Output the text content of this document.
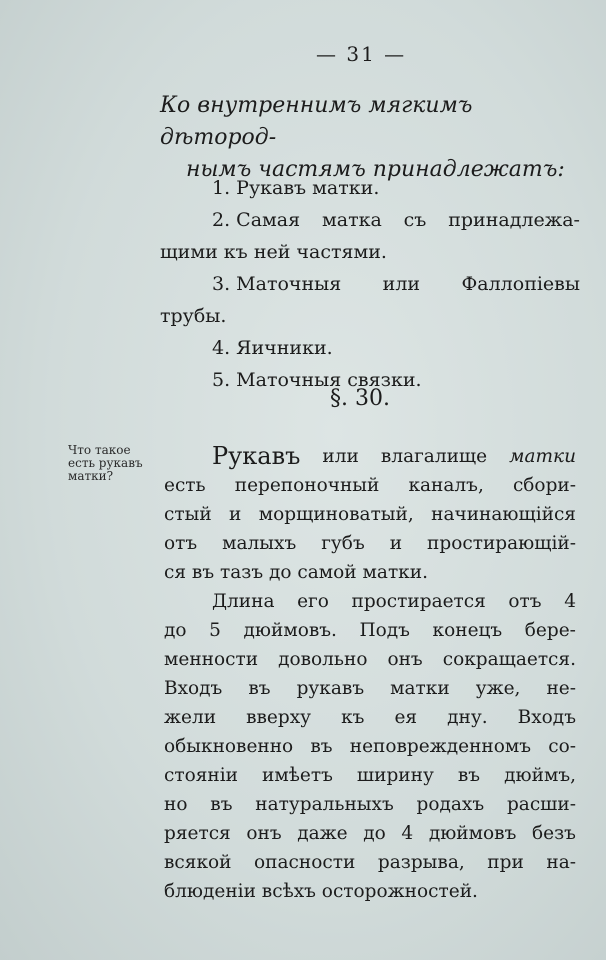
— 31 —
Ко внутреннимъ мягкимъ дѣтород-
нымъ частямъ принадлежатъ:
1. Рукавъ матки.
2. Самая матка съ принадлежа-
щими къ ней частями.
3. Маточныя или Фаллопіевы
трубы.
4. Яичники.
5. Маточныя связки.
§. 30.
Что такое есть рукавъ матки?
Рукавъ или влагалище матки
есть перепоночный каналъ, сбори-
стый и морщиноватый, начинающійся
отъ малыхъ губъ и простирающій-
ся въ тазъ до самой матки.
Длина его простирается отъ 4
до 5 дюймовъ. Подъ конецъ бере-
менности довольно онъ сокращается.
Входъ въ рукавъ матки уже, не-
жели вверху къ ея дну. Входъ
обыкновенно въ неповрежденномъ со-
стояніи имѣетъ ширину въ дюймъ,
но въ натуральныхъ родахъ расши-
ряется онъ даже до 4 дюймовъ безъ
всякой опасности разрыва, при на-
блюденіи всѣхъ осторожностей.
